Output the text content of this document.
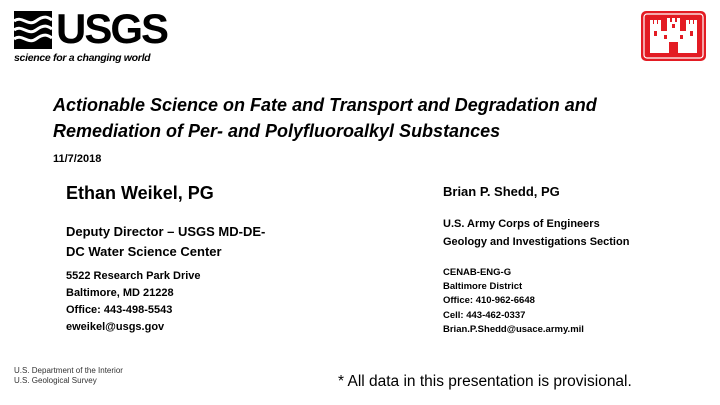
USGS
science for a changing world
Actionable Science on Fate and Transport and Degradation and Remediation of Per- and Polyfluoroalkyl Substances
11/7/2018
Ethan Weikel, PG
Deputy Director – USGS MD-DE-
DC Water Science Center
5522 Research Park Drive
Baltimore, MD 21228
Office: 443-498-5543
eweikel@usgs.gov
Brian P. Shedd, PG
U.S. Army Corps of Engineers
Geology and Investigations Section
CENAB-ENG-G
Baltimore District
Office: 410-962-6648
Cell: 443-462-0337
Brian.P.Shedd@usace.army.mil
U.S. Department of the Interior
U.S. Geological Survey	* All data in this presentation is provisional.
